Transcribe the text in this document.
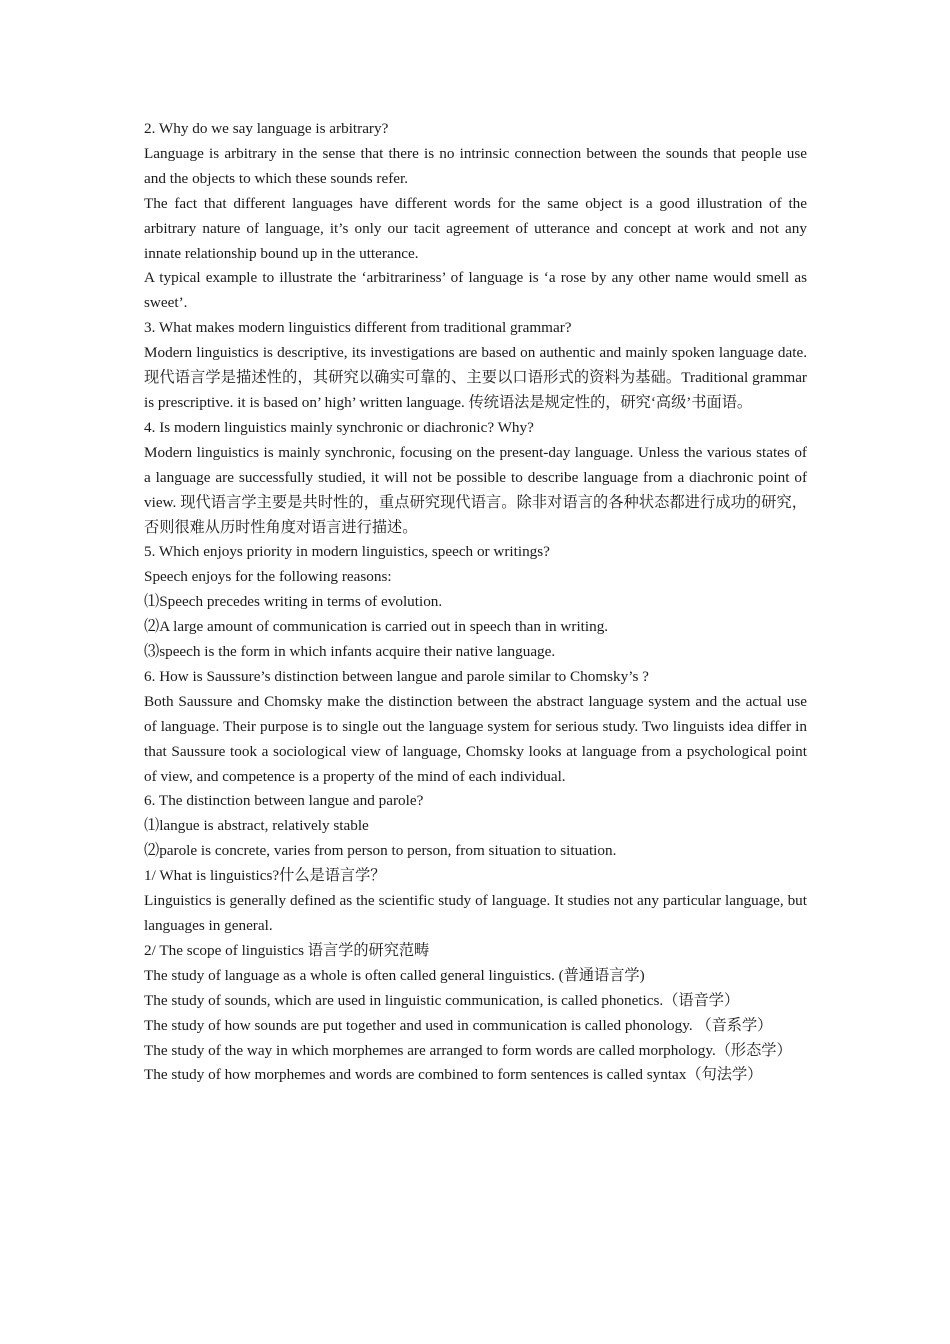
2. Why do we say language is arbitrary?

Language is arbitrary in the sense that there is no intrinsic connection between the sounds that people use and the objects to which these sounds refer.

The fact that different languages have different words for the same object is a good illustration of the arbitrary nature of language, it’s only our tacit agreement of utterance and concept at work and not any innate relationship bound up in the utterance.

A typical example to illustrate the ‘arbitrariness’ of language is ‘a rose by any other name would smell as sweet’.

3. What makes modern linguistics different from traditional grammar?

Modern linguistics is descriptive, its investigations are based on authentic and mainly spoken language date.现代语言学是描述性的，其研究以确实可靠的、主要以口语形式的资料为基础。Traditional grammar is prescriptive. it is based on’ high’ written language. 传统语法是规定性的，研究‘高级’书面语。

4. Is modern linguistics mainly synchronic or diachronic? Why?

Modern linguistics is mainly synchronic, focusing on the present-day language. Unless the various states of a language are successfully studied, it will not be possible to describe language from a diachronic point of view. 现代语言学主要是共时性的，重点研究现代语言。除非对语言的各种状态都进行成功的研究，否则很难从历时性角度对语言进行描述。

5. Which enjoys priority in modern linguistics, speech or writings?

Speech enjoys for the following reasons:

⑴Speech precedes writing in terms of evolution.

⑵A large amount of communication is carried out in speech than in writing.

⑶speech is the form in which infants acquire their native language.

6. How is Saussure’s distinction between langue and parole similar to Chomsky’s ?

Both Saussure and Chomsky make the distinction between the abstract language system and the actual use of language. Their purpose is to single out the language system for serious study. Two linguists idea differ in that Saussure took a sociological view of language, Chomsky looks at language from a psychological point of view, and competence is a property of the mind of each individual.

6. The distinction between langue and parole?

⑴langue is abstract, relatively stable

⑵parole is concrete, varies from person to person, from situation to situation.

1/ What is linguistics?什么是语言学？

Linguistics is generally defined as the scientific study of language. It studies not any particular language, but languages in general.

2/ The scope of linguistics 语言学的研究范畴

The study of language as a whole is often called general linguistics. (普通语言学)

The study of sounds, which are used in linguistic communication, is called phonetics.（语音学）

The study of how sounds are put together and used in communication is called phonology. （音系学）

The study of the way in which morphemes are arranged to form words are called morphology.（形态学）

The study of how morphemes and words are combined to form sentences is called syntax（句法学）
